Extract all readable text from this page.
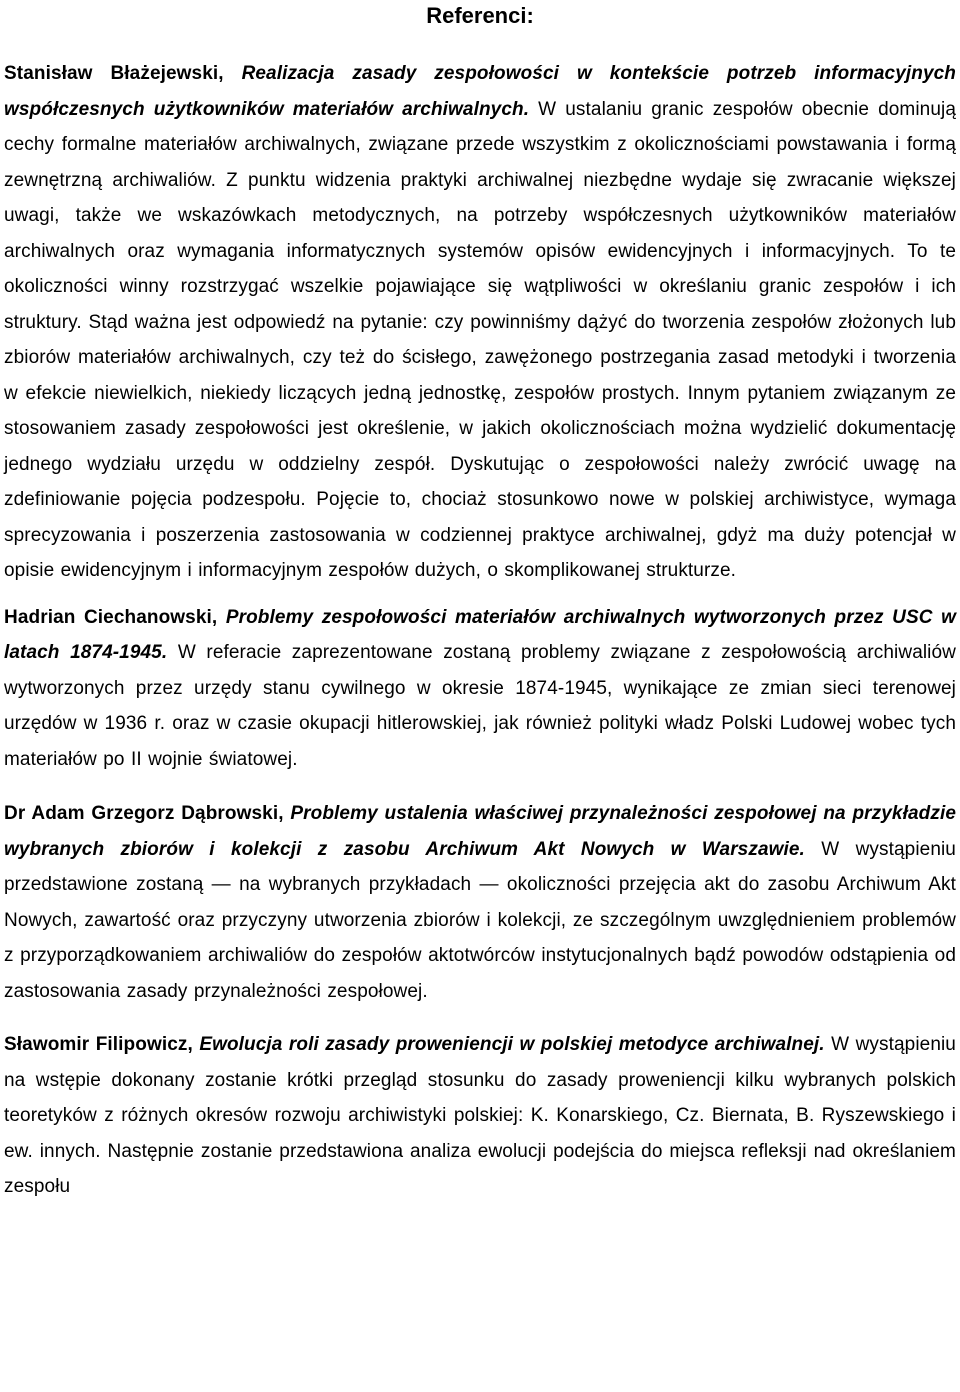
Referenci:

Stanisław Błażejewski, Realizacja zasady zespołowości w kontekście potrzeb informacyjnych współczesnych użytkowników materiałów archiwalnych. W ustalaniu granic zespołów obecnie dominują cechy formalne materiałów archiwalnych, związane przede wszystkim z okolicznościami powstawania i formą zewnętrzną archiwaliów. Z punktu widzenia praktyki archiwalnej niezbędne wydaje się zwracanie większej uwagi, także we wskazówkach metodycznych, na potrzeby współczesnych użytkowników materiałów archiwalnych oraz wymagania informatycznych systemów opisów ewidencyjnych i informacyjnych. To te okoliczności winny rozstrzygać wszelkie pojawiające się wątpliwości w określaniu granic zespołów i ich struktury. Stąd ważna jest odpowiedź na pytanie: czy powinniśmy dążyć do tworzenia zespołów złożonych lub zbiorów materiałów archiwalnych, czy też do ścisłego, zawężonego postrzegania zasad metodyki i tworzenia w efekcie niewielkich, niekiedy liczących jedną jednostkę, zespołów prostych. Innym pytaniem związanym ze stosowaniem zasady zespołowości jest określenie, w jakich okolicznościach można wydzielić dokumentację jednego wydziału urzędu w oddzielny zespół. Dyskutując o zespołowości należy zwrócić uwagę na zdefiniowanie pojęcia podzespołu. Pojęcie to, chociaż stosunkowo nowe w polskiej archiwistyce, wymaga sprecyzowania i poszerzenia zastosowania w codziennej praktyce archiwalnej, gdyż ma duży potencjał w opisie ewidencyjnym i informacyjnym zespołów dużych, o skomplikowanej strukturze.

Hadrian Ciechanowski, Problemy zespołowości materiałów archiwalnych wytworzonych przez USC w latach 1874-1945. W referacie zaprezentowane zostaną problemy związane z zespołowością archiwaliów wytworzonych przez urzędy stanu cywilnego w okresie 1874-1945, wynikające ze zmian sieci terenowej urzędów w 1936 r. oraz w czasie okupacji hitlerowskiej, jak również polityki władz Polski Ludowej wobec tych materiałów po II wojnie światowej.

Dr Adam Grzegorz Dąbrowski, Problemy ustalenia właściwej przynależności zespołowej na przykładzie wybranych zbiorów i kolekcji z zasobu Archiwum Akt Nowych w Warszawie. W wystąpieniu przedstawione zostaną — na wybranych przykładach — okoliczności przejęcia akt do zasobu Archiwum Akt Nowych, zawartość oraz przyczyny utworzenia zbiorów i kolekcji, ze szczególnym uwzględnieniem problemów z przyporządkowaniem archiwaliów do zespołów aktotwórców instytucjonalnych bądź powodów odstąpienia od zastosowania zasady przynależności zespołowej.

Sławomir Filipowicz, Ewolucja roli zasady proweniencji w polskiej metodyce archiwalnej. W wystąpieniu na wstępie dokonany zostanie krótki przegląd stosunku do zasady proweniencji kilku wybranych polskich teoretyków z różnych okresów rozwoju archiwistyki polskiej: K. Konarskiego, Cz. Biernata, B. Ryszewskiego i ew. innych. Następnie zostanie przedstawiona analiza ewolucji podejścia do miejsca refleksji nad określaniem zespołu
